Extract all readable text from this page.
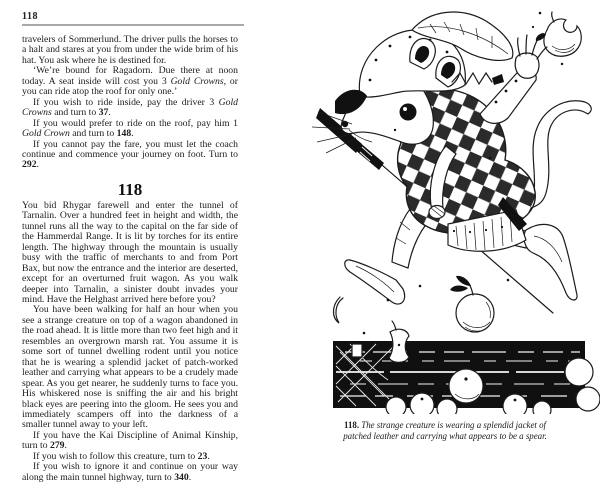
118

travelers of Sommerlund. The driver pulls the horses to a halt and stares at you from under the wide brim of his hat. You ask where he is destined for.

‘We’re bound for Ragadorn. Due there at noon today. A seat inside will cost you 3 Gold Crowns, or you can ride atop the roof for only one.’

If you wish to ride inside, pay the driver 3 Gold Crowns and turn to 37.

If you would prefer to ride on the roof, pay him 1 Gold Crown and turn to 148.

If you cannot pay the fare, you must let the coach continue and commence your journey on foot. Turn to 292.

118

You bid Rhygar farewell and enter the tunnel of Tarnalin. Over a hundred feet in height and width, the tunnel runs all the way to the capital on the far side of the Hammerdal Range. It is lit by torches for its entire length. The highway through the mountain is usually busy with the traffic of merchants to and from Port Bax, but now the entrance and the interior are deserted, except for an overturned fruit wagon. As you walk deeper into Tarnalin, a sinister doubt invades your mind. Have the Helghast arrived here before you?

You have been walking for half an hour when you see a strange creature on top of a wagon abandoned in the road ahead. It is little more than two feet high and it resembles an overgrown marsh rat. You assume it is some sort of tunnel dwelling rodent until you notice that he is wearing a splendid jacket of patch-worked leather and carrying what appears to be a crudely made spear. As you get nearer, he suddenly turns to face you. His whiskered nose is sniffing the air and his bright black eyes are peering into the gloom. He sees you and immediately scampers off into the darkness of a smaller tunnel away to your left.

If you have the Kai Discipline of Animal Kinship, turn to 279.

If you wish to follow this creature, turn to 23.

If you wish to ignore it and continue on your way along the main tunnel highway, turn to 340.

118. The strange creature is wearing a splendid jacket of patched leather and carrying what appears to be a spear.
